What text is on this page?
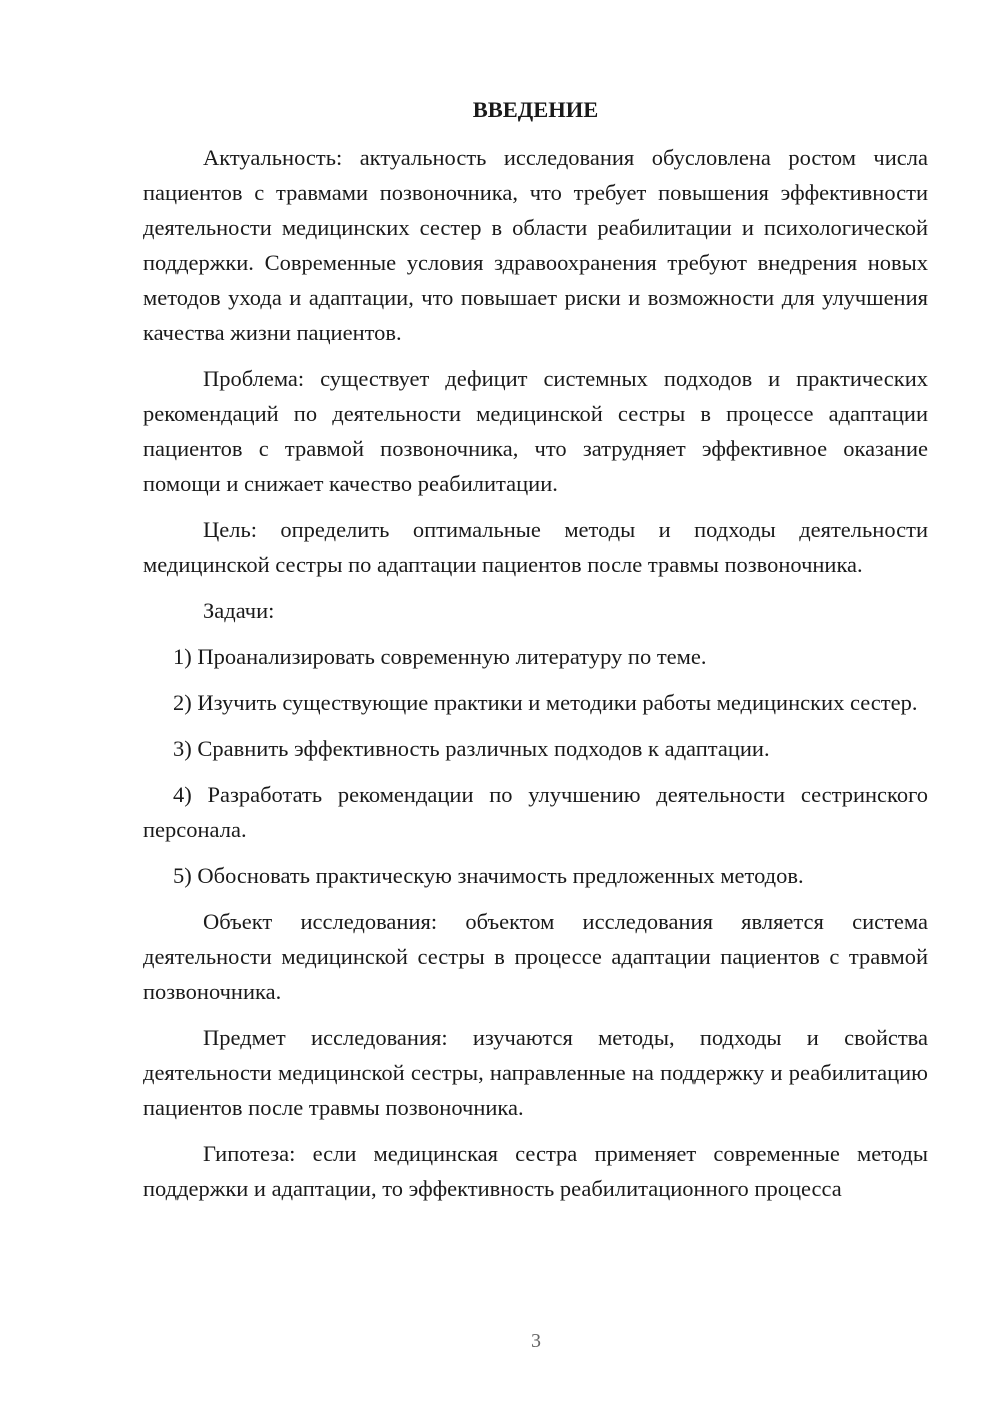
ВВЕДЕНИЕ

Актуальность: актуальность исследования обусловлена ростом числа пациентов с травмами позвоночника, что требует повышения эффективности деятельности медицинских сестер в области реабилитации и психологической поддержки. Современные условия здравоохранения требуют внедрения новых методов ухода и адаптации, что повышает риски и возможности для улучшения качества жизни пациентов.

Проблема: существует дефицит системных подходов и практических рекомендаций по деятельности медицинской сестры в процессе адаптации пациентов с травмой позвоночника, что затрудняет эффективное оказание помощи и снижает качество реабилитации.

Цель: определить оптимальные методы и подходы деятельности медицинской сестры по адаптации пациентов после травмы позвоночника.

Задачи:

1) Проанализировать современную литературу по теме.

2) Изучить существующие практики и методики работы медицинских сестер.

3) Сравнить эффективность различных подходов к адаптации.

4) Разработать рекомендации по улучшению деятельности сестринского персонала.

5) Обосновать практическую значимость предложенных методов.

Объект исследования: объектом исследования является система деятельности медицинской сестры в процессе адаптации пациентов с травмой позвоночника.

Предмет исследования: изучаются методы, подходы и свойства деятельности медицинской сестры, направленные на поддержку и реабилитацию пациентов после травмы позвоночника.

Гипотеза: если медицинская сестра применяет современные методы поддержки и адаптации, то эффективность реабилитационного процесса

3
